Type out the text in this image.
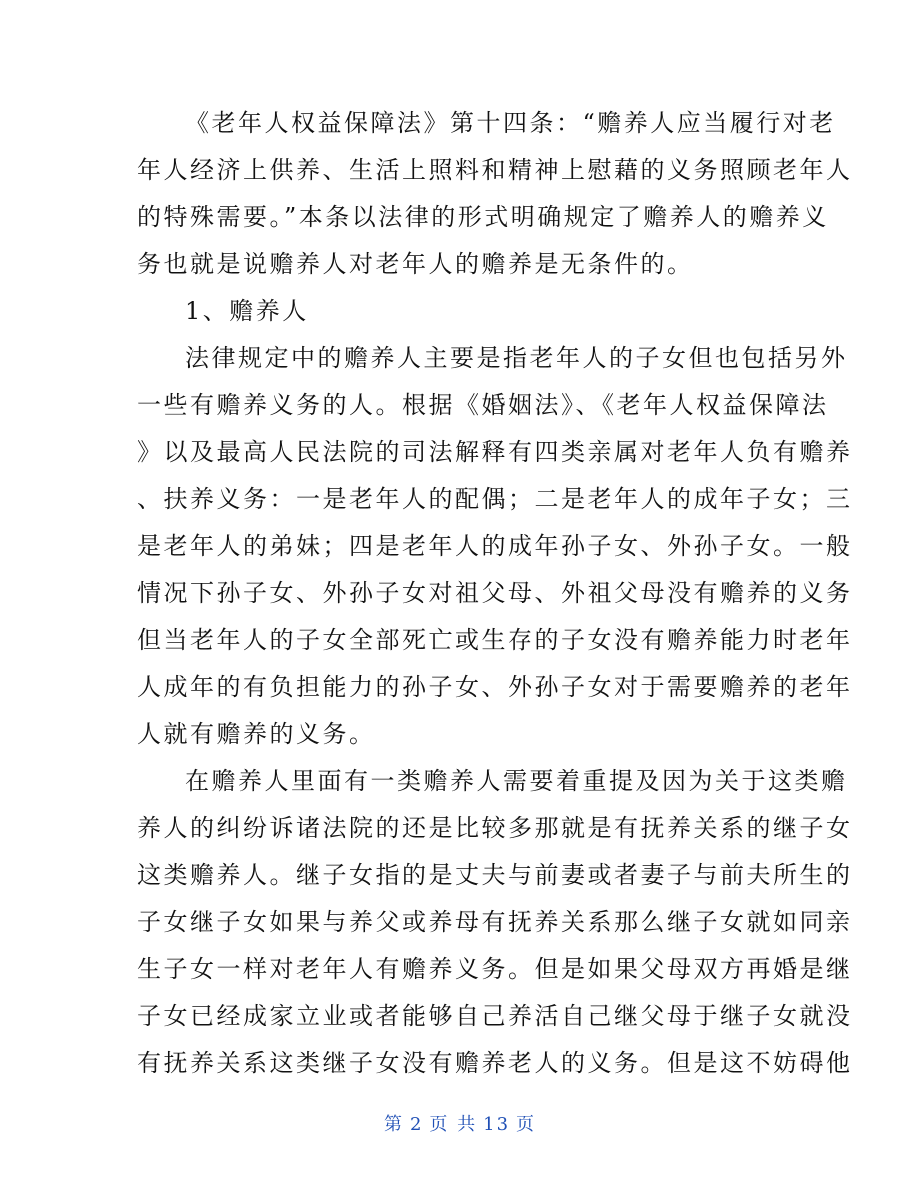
《老年人权益保障法》第十四条：“赡养人应当履行对老
年人经济上供养、生活上照料和精神上慰藉的义务照顾老年人
的特殊需要。”本条以法律的形式明确规定了赡养人的赡养义
务也就是说赡养人对老年人的赡养是无条件的。
1、赡养人
法律规定中的赡养人主要是指老年人的子女但也包括另外
一些有赡养义务的人。根据《婚姻法》、《老年人权益保障法
》以及最高人民法院的司法解释有四类亲属对老年人负有赡养
、扶养义务：一是老年人的配偶；二是老年人的成年子女；三
是老年人的弟妹；四是老年人的成年孙子女、外孙子女。一般
情况下孙子女、外孙子女对祖父母、外祖父母没有赡养的义务
但当老年人的子女全部死亡或生存的子女没有赡养能力时老年
人成年的有负担能力的孙子女、外孙子女对于需要赡养的老年
人就有赡养的义务。
在赡养人里面有一类赡养人需要着重提及因为关于这类赡
养人的纠纷诉诸法院的还是比较多那就是有抚养关系的继子女
这类赡养人。继子女指的是丈夫与前妻或者妻子与前夫所生的
子女继子女如果与养父或养母有抚养关系那么继子女就如同亲
生子女一样对老年人有赡养义务。但是如果父母双方再婚是继
子女已经成家立业或者能够自己养活自己继父母于继子女就没
有抚养关系这类继子女没有赡养老人的义务。但是这不妨碍他
第 2 页 共 13 页
